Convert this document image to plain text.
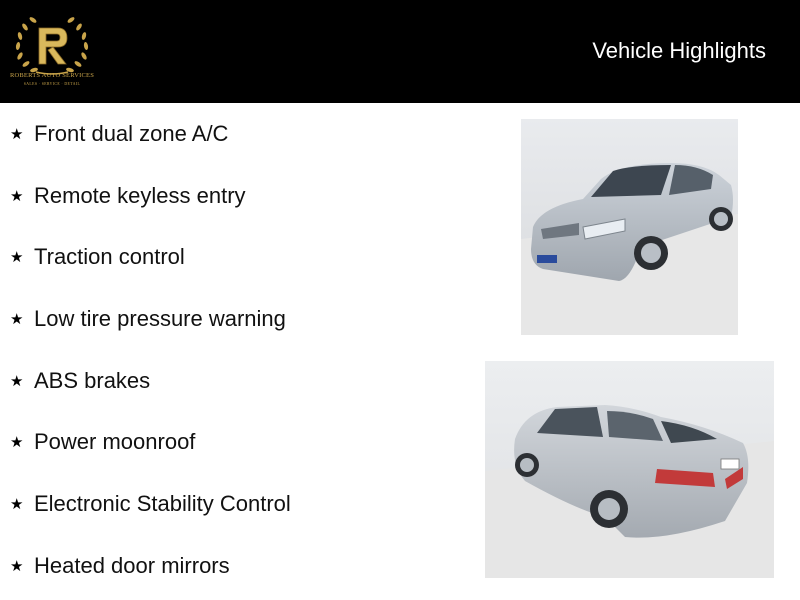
ROBERTS AUTO SERVICES
SALES · SERVICE · DETAIL
Vehicle Highlights
★ Front dual zone A/C
★ Remote keyless entry
★ Traction control
★ Low tire pressure warning
★ ABS brakes
★ Power moonroof
★ Electronic Stability Control
★ Heated door mirrors
